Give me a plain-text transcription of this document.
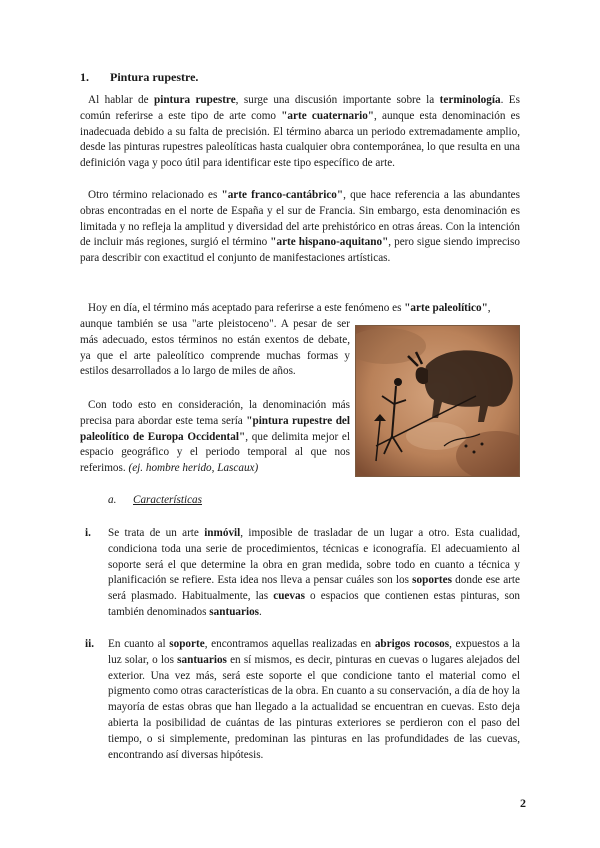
1. Pintura rupestre.

Al hablar de pintura rupestre, surge una discusión importante sobre la terminología. Es común referirse a este tipo de arte como "arte cuaternario", aunque esta denominación es inadecuada debido a su falta de precisión. El término abarca un periodo extremadamente amplio, desde las pinturas rupestres paleolíticas hasta cualquier obra contemporánea, lo que resulta en una definición vaga y poco útil para identificar este tipo específico de arte.

Otro término relacionado es "arte franco-cantábrico", que hace referencia a las abundantes obras encontradas en el norte de España y el sur de Francia. Sin embargo, esta denominación es limitada y no refleja la amplitud y diversidad del arte prehistórico en otras áreas. Con la intención de incluir más regiones, surgió el término "arte hispano-aquitano", pero sigue siendo impreciso para describir con exactitud el conjunto de manifestaciones artísticas.

Hoy en día, el término más aceptado para referirse a este fenómeno es "arte paleolítico",

aunque también se usa "arte pleistoceno". A pesar de ser más adecuado, estos términos no están exentos de debate, ya que el arte paleolítico comprende muchas formas y estilos desarrollados a lo largo de miles de años.

Con todo esto en consideración, la denominación más precisa para abordar este tema sería "pintura rupestre del paleolítico de Europa Occidental", que delimita mejor el espacio geográfico y el periodo temporal al que nos referimos. (ej. hombre herido, Lascaux)

a. Características
i. Se trata de un arte inmóvil, imposible de trasladar de un lugar a otro. Esta cualidad, condiciona toda una serie de procedimientos, técnicas e iconografía. El adecuamiento al soporte será el que determine la obra en gran medida, sobre todo en cuanto a técnica y planificación se refiere. Esta idea nos lleva a pensar cuáles son los soportes donde ese arte será plasmado. Habitualmente, las cuevas o espacios que contienen estas pinturas, son también denominados santuarios.
ii. En cuanto al soporte, encontramos aquellas realizadas en abrigos rocosos, expuestos a la luz solar, o los santuarios en sí mismos, es decir, pinturas en cuevas o lugares alejados del exterior. Una vez más, será este soporte el que condicione tanto el material como el pigmento como otras características de la obra. En cuanto a su conservación, a día de hoy la mayoría de estas obras que han llegado a la actualidad se encuentran en cuevas. Esto deja abierta la posibilidad de cuántas de las pinturas exteriores se perdieron con el paso del tiempo, o si simplemente, predominan las pinturas en las profundidades de las cuevas, encontrando así diversas hipótesis.
2
